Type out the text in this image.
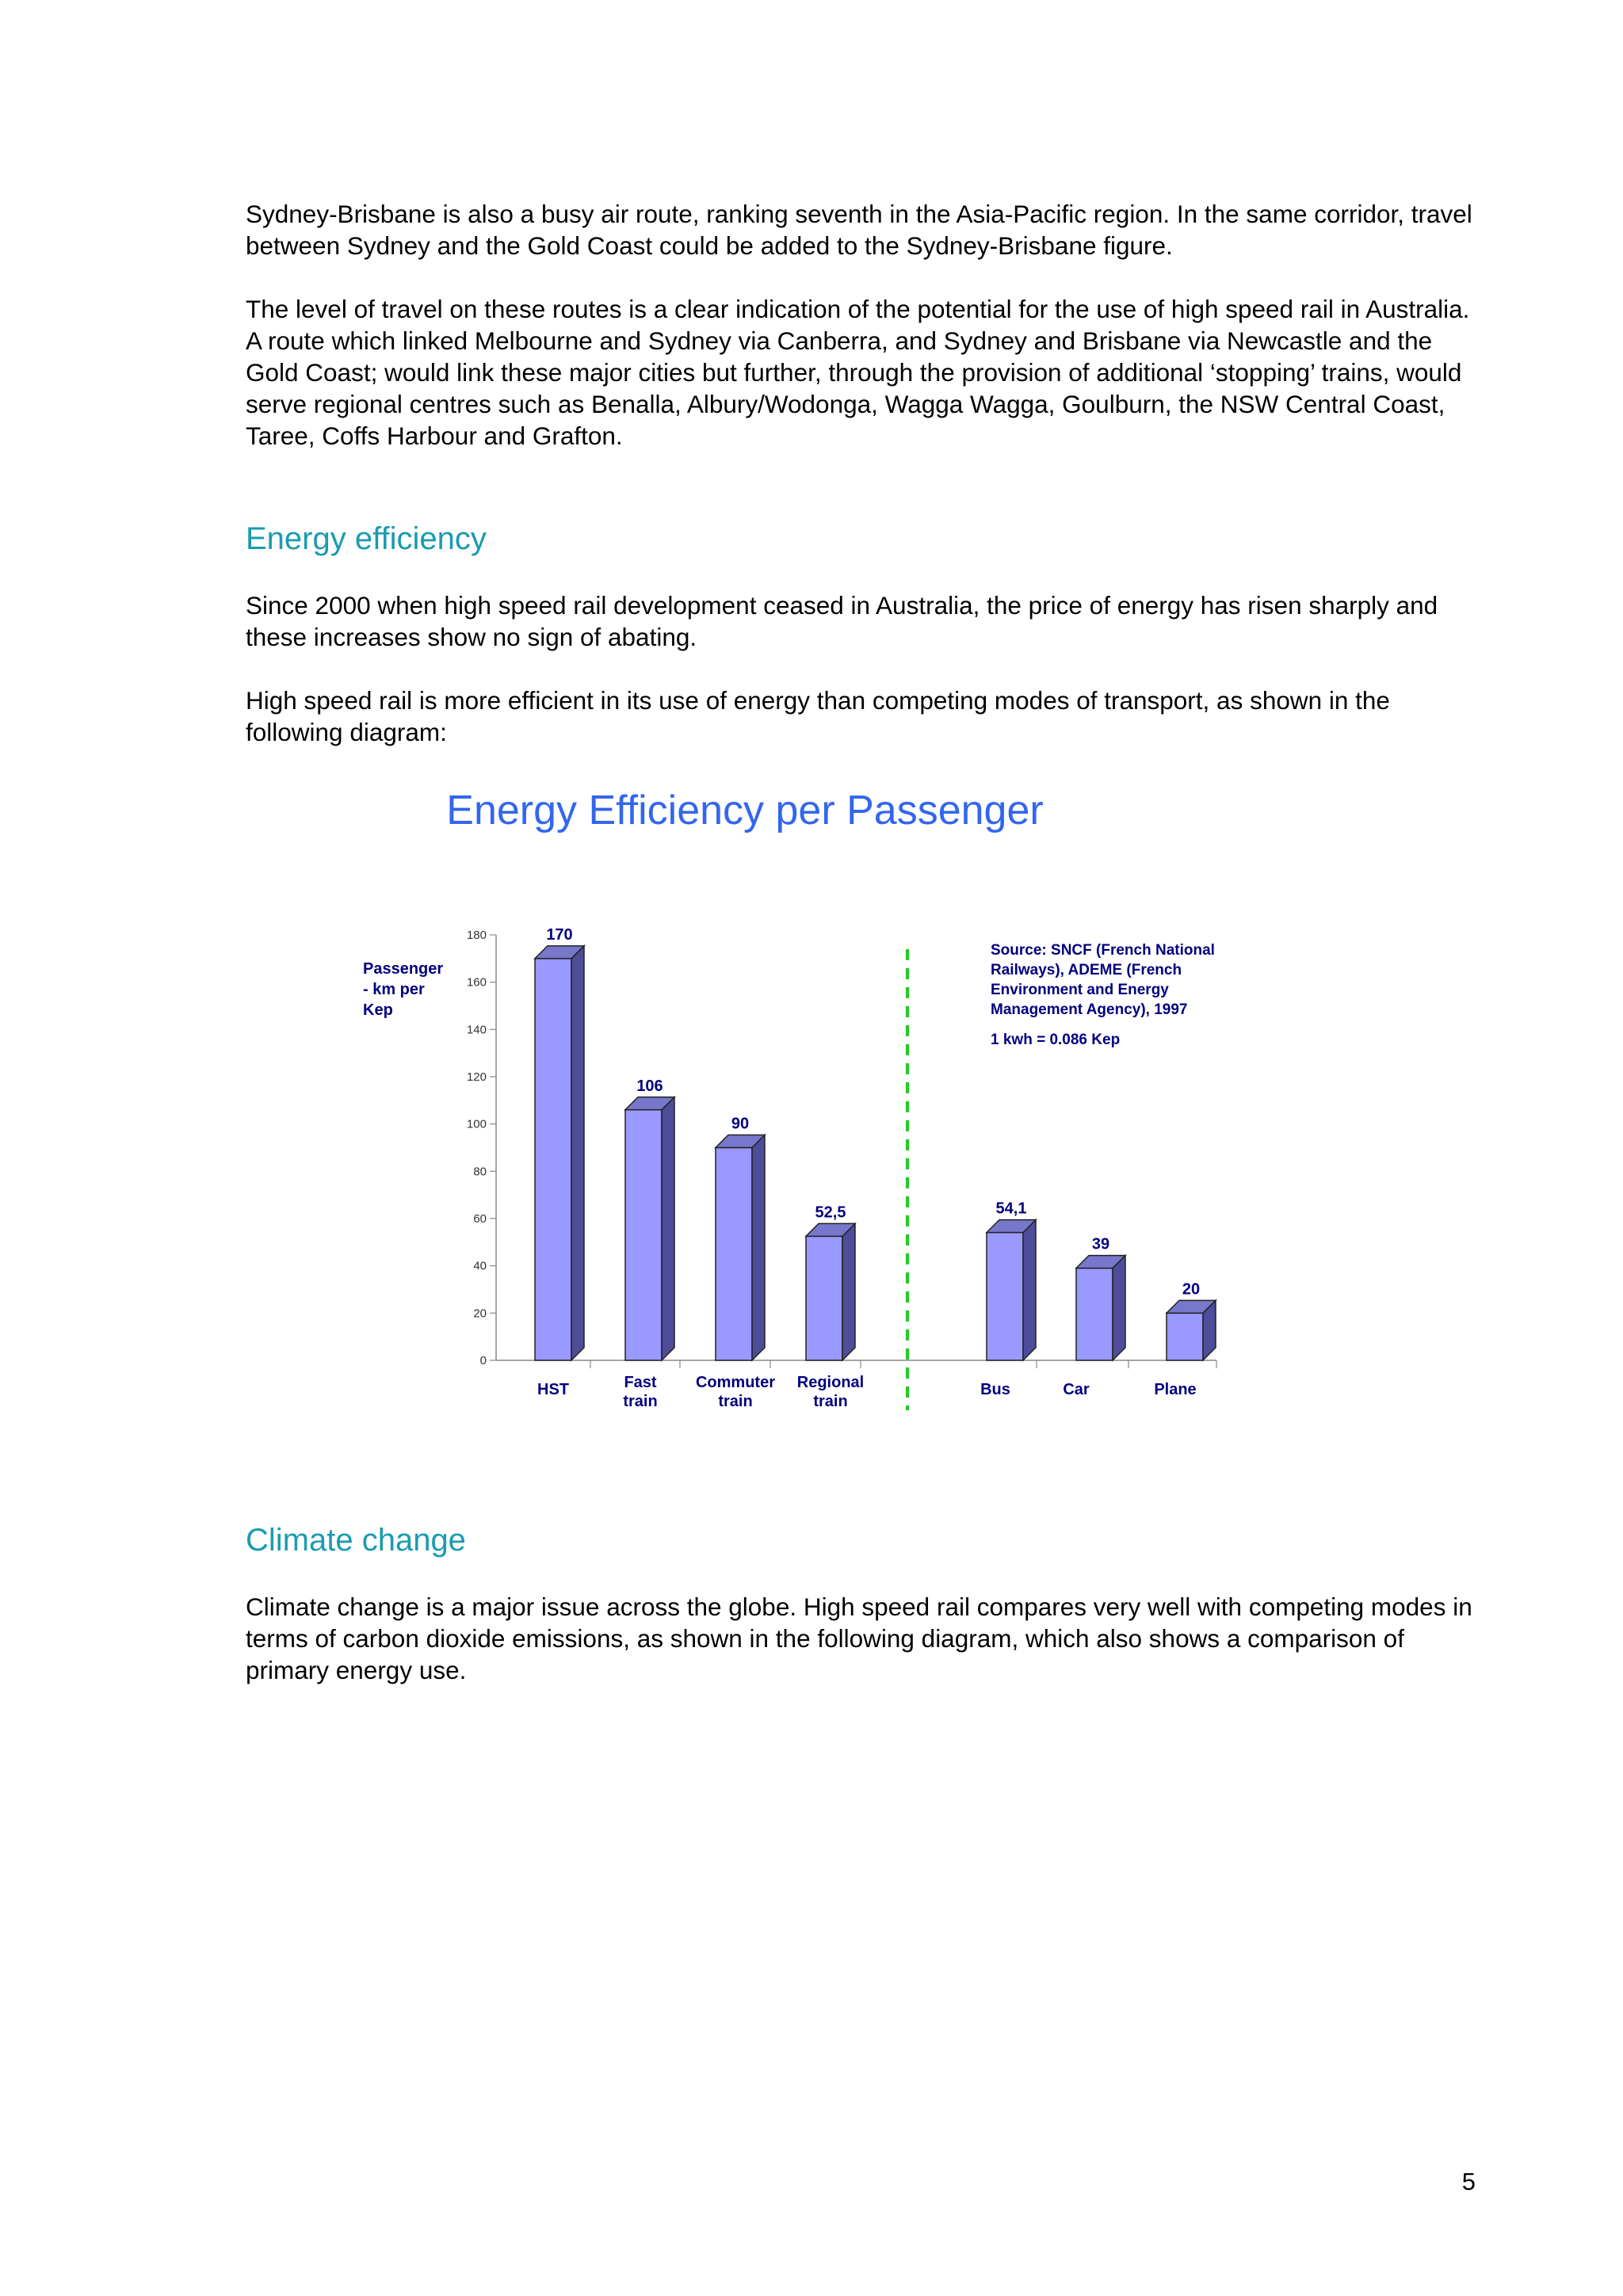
Sydney-Brisbane is also a busy air route, ranking seventh in the Asia-Pacific region. In the same corridor, travel between Sydney and the Gold Coast could be added to the Sydney-Brisbane figure.

The level of travel on these routes is a clear indication of the potential for the use of high speed rail in Australia. A route which linked Melbourne and Sydney via Canberra, and Sydney and Brisbane via Newcastle and the Gold Coast; would link these major cities but further, through the provision of additional ‘stopping’ trains, would serve regional centres such as Benalla, Albury/Wodonga, Wagga Wagga, Goulburn, the NSW Central Coast, Taree, Coffs Harbour and Grafton.

Energy efficiency

Since 2000 when high speed rail development ceased in Australia, the price of energy has risen sharply and these increases show no sign of abating.

High speed rail is more efficient in its use of energy than competing modes of transport, as shown in the following diagram:

Energy Efficiency per Passenger
Passenger
- km per
Kep
0
20
40
60
80
100
120
140
160
180	170
106
90
52,5	54,1
39
20
HST	Fast
train
Commuter
train
Regional
train
Bus	Car	Plane
Source: SNCF (French National
Railways), ADEME (French
Environment and Energy
Management Agency), 1997
1 kwh = 0.086 Kep
Climate change

Climate change is a major issue across the globe. High speed rail compares very well with competing modes in terms of carbon dioxide emissions, as shown in the following diagram, which also shows a comparison of primary energy use.

5
